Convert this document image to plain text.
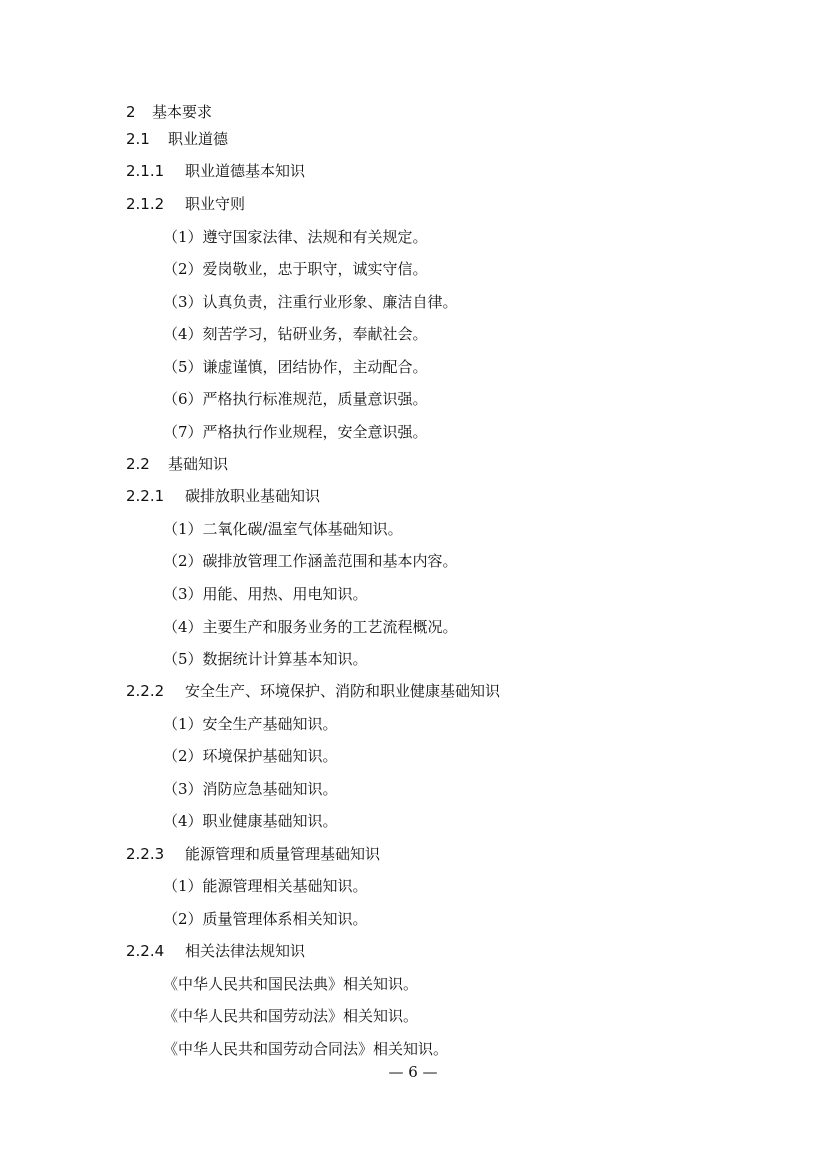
2 基本要求
2.1 职业道德
2.1.1 职业道德基本知识
2.1.2 职业守则
（1）遵守国家法律、法规和有关规定。
（2）爱岗敬业，忠于职守，诚实守信。
（3）认真负责，注重行业形象、廉洁自律。
（4）刻苦学习，钻研业务，奉献社会。
（5）谦虚谨慎，团结协作，主动配合。
（6）严格执行标准规范，质量意识强。
（7）严格执行作业规程，安全意识强。
2.2 基础知识
2.2.1 碳排放职业基础知识
（1）二氧化碳/温室气体基础知识。
（2）碳排放管理工作涵盖范围和基本内容。
（3）用能、用热、用电知识。
（4）主要生产和服务业务的工艺流程概况。
（5）数据统计计算基本知识。
2.2.2 安全生产、环境保护、消防和职业健康基础知识
（1）安全生产基础知识。
（2）环境保护基础知识。
（3）消防应急基础知识。
（4）职业健康基础知识。
2.2.3 能源管理和质量管理基础知识
（1）能源管理相关基础知识。
（2）质量管理体系相关知识。
2.2.4 相关法律法规知识
《中华人民共和国民法典》相关知识。
《中华人民共和国劳动法》相关知识。
《中华人民共和国劳动合同法》相关知识。
— 6 —
